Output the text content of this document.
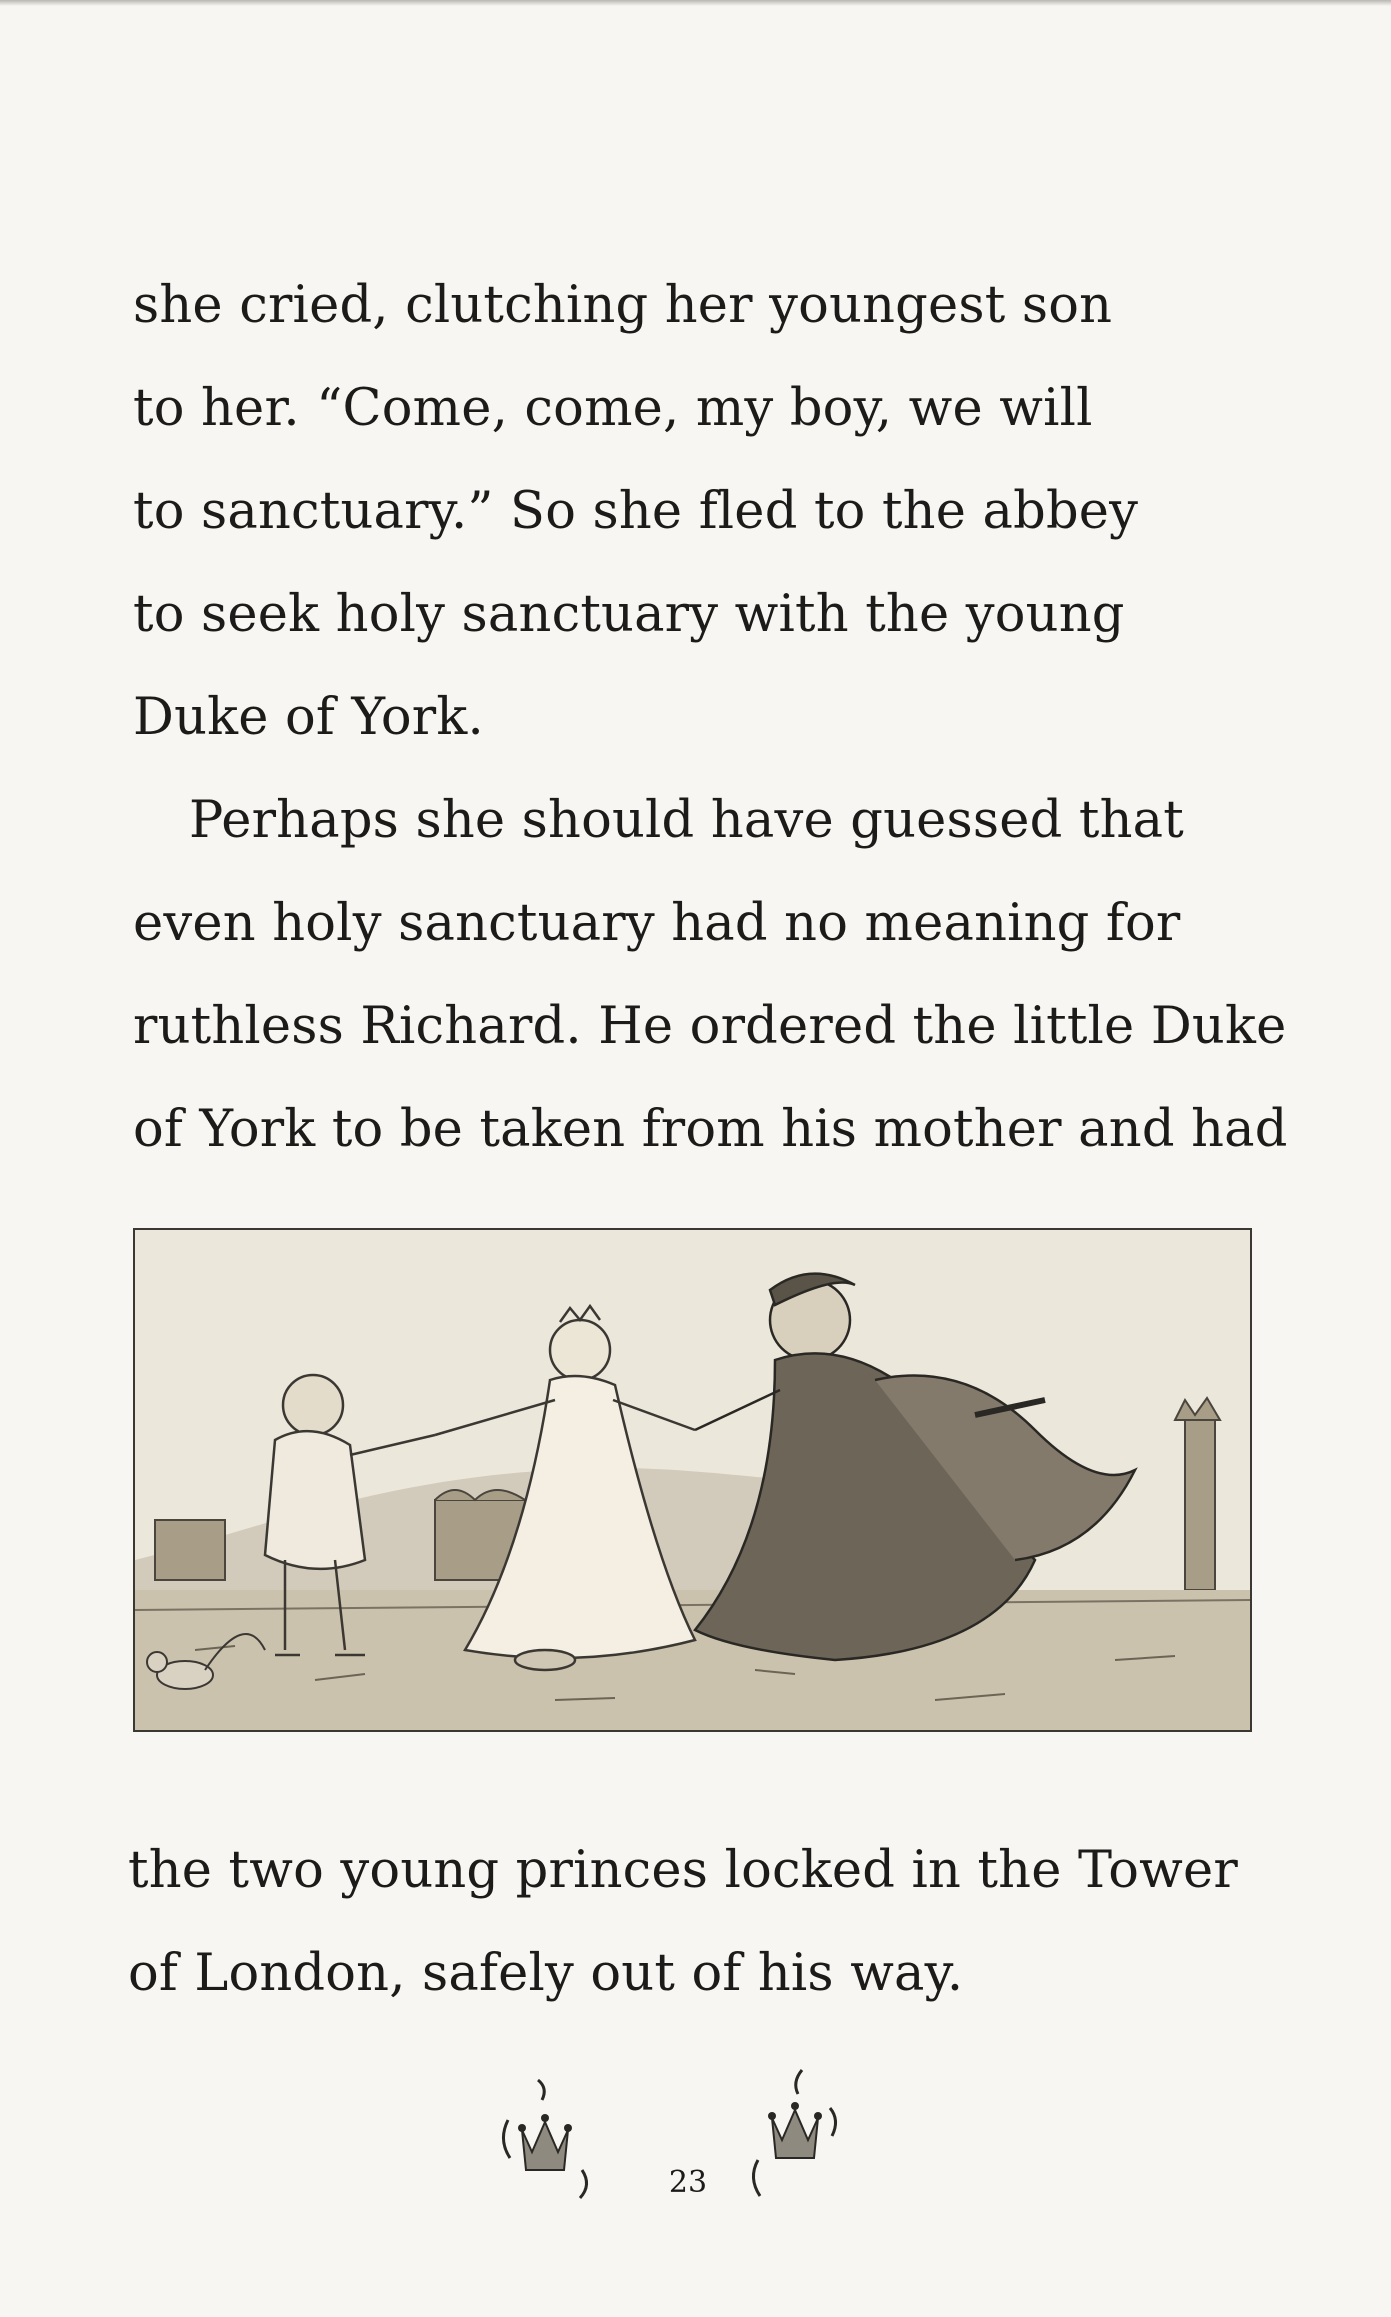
she cried, clutching her youngest son
to her. “Come, come, my boy, we will
to sanctuary.” So she fled to the abbey
to seek holy sanctuary with the young
Duke of York.
Perhaps she should have guessed that
even holy sanctuary had no meaning for
ruthless Richard. He ordered the little Duke
of York to be taken from his mother and had
the two young princes locked in the Tower
of London, safely out of his way.
23
